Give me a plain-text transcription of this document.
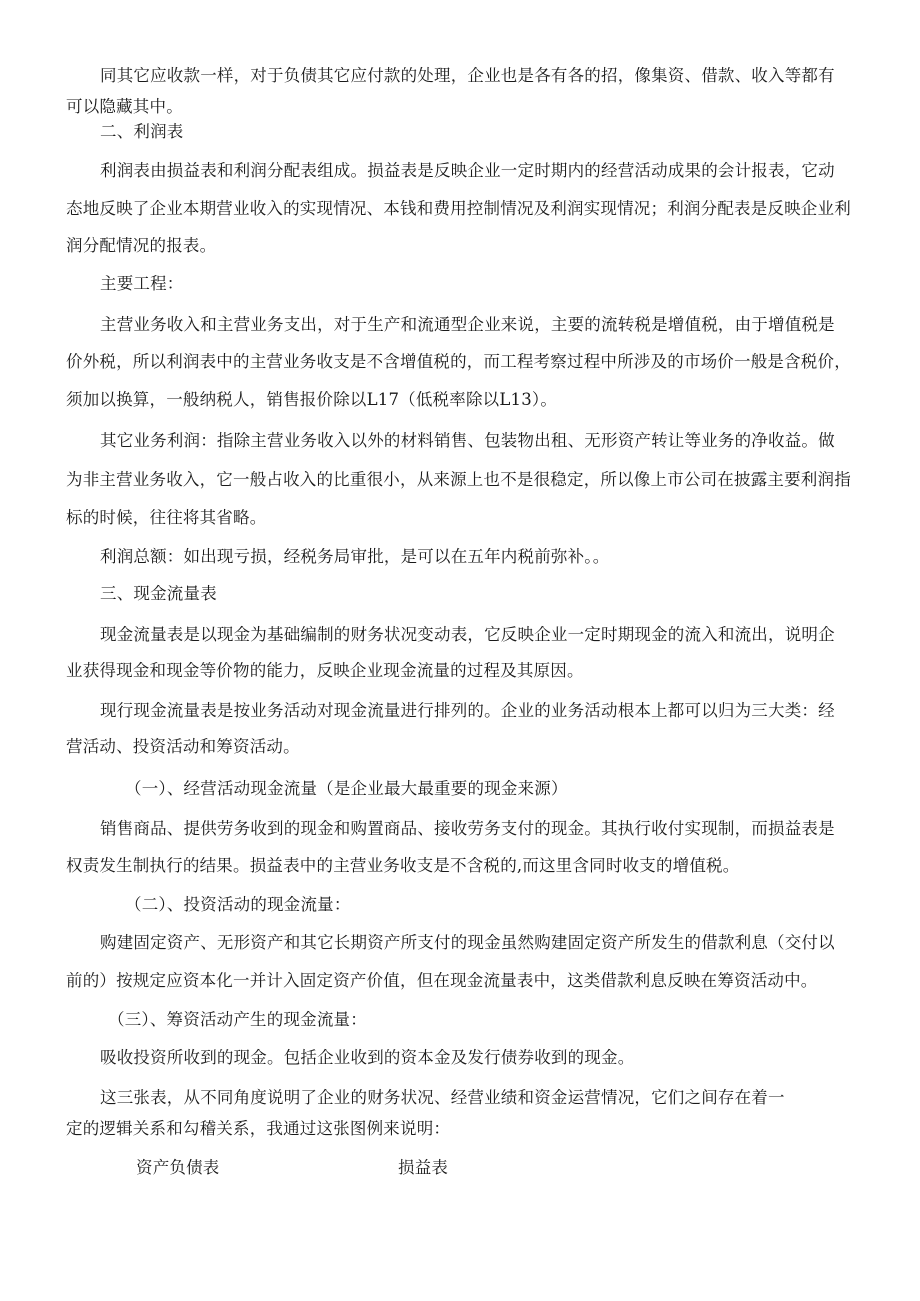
同其它应收款一样，对于负债其它应付款的处理，企业也是各有各的招，像集资、借款、收入等都有
可以隐藏其中。
二、利润表
利润表由损益表和利润分配表组成。损益表是反映企业一定时期内的经营活动成果的会计报表，它动
态地反映了企业本期营业收入的实现情况、本钱和费用控制情况及利润实现情况；利润分配表是反映企业利
润分配情况的报表。
主要工程：
主营业务收入和主营业务支出，对于生产和流通型企业来说，主要的流转税是增值税，由于增值税是
价外税，所以利润表中的主营业务收支是不含增值税的，而工程考察过程中所涉及的市场价一般是含税价，
须加以换算，一般纳税人，销售报价除以L17（低税率除以L13）。
其它业务利润：指除主营业务收入以外的材料销售、包装物出租、无形资产转让等业务的净收益。做
为非主营业务收入，它一般占收入的比重很小，从来源上也不是很稳定，所以像上市公司在披露主要利润指
标的时候，往往将其省略。
利润总额：如出现亏损，经税务局审批，是可以在五年内税前弥补。。
三、现金流量表
现金流量表是以现金为基础编制的财务状况变动表，它反映企业一定时期现金的流入和流出，说明企
业获得现金和现金等价物的能力，反映企业现金流量的过程及其原因。
现行现金流量表是按业务活动对现金流量进行排列的。企业的业务活动根本上都可以归为三大类：经
营活动、投资活动和筹资活动。
（一）、经营活动现金流量（是企业最大最重要的现金来源）
销售商品、提供劳务收到的现金和购置商品、接收劳务支付的现金。其执行收付实现制，而损益表是
权责发生制执行的结果。损益表中的主营业务收支是不含税的,而这里含同时收支的增值税。
（二）、投资活动的现金流量：
购建固定资产、无形资产和其它长期资产所支付的现金虽然购建固定资产所发生的借款利息（交付以
前的）按规定应资本化一并计入固定资产价值，但在现金流量表中，这类借款利息反映在筹资活动中。
（三）、筹资活动产生的现金流量：
吸收投资所收到的现金。包括企业收到的资本金及发行债券收到的现金。
这三张表，从不同角度说明了企业的财务状况、经营业绩和资金运营情况，它们之间存在着一
定的逻辑关系和勾稽关系，我通过这张图例来说明：
资产负债表	损益表
